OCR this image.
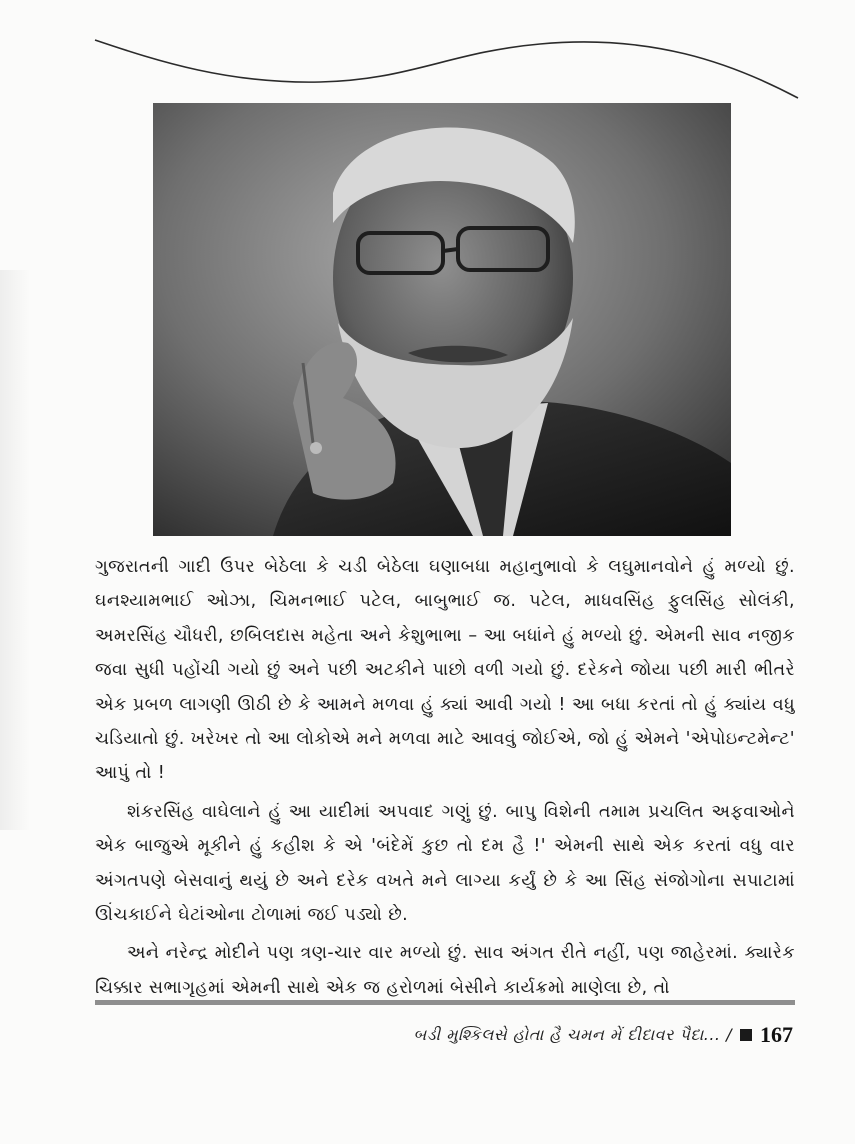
ગુજરાતની ગાદી ઉપર બેઠેલા કે ચડી બેઠેલા ઘણાબધા મહાનુભાવો કે લઘુમાનવોને હું મળ્યો છું. ઘનશ્યામભાઈ ઓઝા, ચિમનભાઈ પટેલ, બાબુભાઈ જ. પટેલ, માધવસિંહ ફુલસિંહ સોલંકી, અમરસિંહ ચૌધરી, છબિલદાસ મહેતા અને કેશુભાભા – આ બધાંને હું મળ્યો છું. એમની સાવ નજીક જવા સુધી પહોંચી ગયો છું અને પછી અટકીને પાછો વળી ગયો છું. દરેકને જોયા પછી મારી ભીતરે એક પ્રબળ લાગણી ઊઠી છે કે આમને મળવા હું ક્યાં આવી ગયો ! આ બધા કરતાં તો હું ક્યાંય વધુ ચડિયાતો છું. ખરેખર તો આ લોકોએ મને મળવા માટે આવવું જોઈએ, જો હું એમને 'એપોઇન્ટમેન્ટ' આપું તો !

શંકરસિંહ વાઘેલાને હું આ યાદીમાં અપવાદ ગણું છું. બાપુ વિશેની તમામ પ્રચલિત અફવાઓને એક બાજુએ મૂકીને હું કહીશ કે એ 'બંદેમેં કુછ તો દમ હૈ !' એમની સાથે એક કરતાં વધુ વાર અંગતપણે બેસવાનું થયું છે અને દરેક વખતે મને લાગ્યા કર્યું છે કે આ સિંહ સંજોગોના સપાટામાં ઊંચકાઈને ઘેટાંઓના ટોળામાં જઈ પડ્યો છે.

અને નરેન્દ્ર મોદીને પણ ત્રણ-ચાર વાર મળ્યો છું. સાવ અંગત રીતે નહીં, પણ જાહેરમાં. ક્યારેક ચિક્કાર સભાગૃહમાં એમની સાથે એક જ હરોળમાં બેસીને કાર્યક્રમો માણેલા છે, તો

બડી મુશ્કિલસે હોતા હૈ ચમન મેં દીદાવર પૈદા... / 167
